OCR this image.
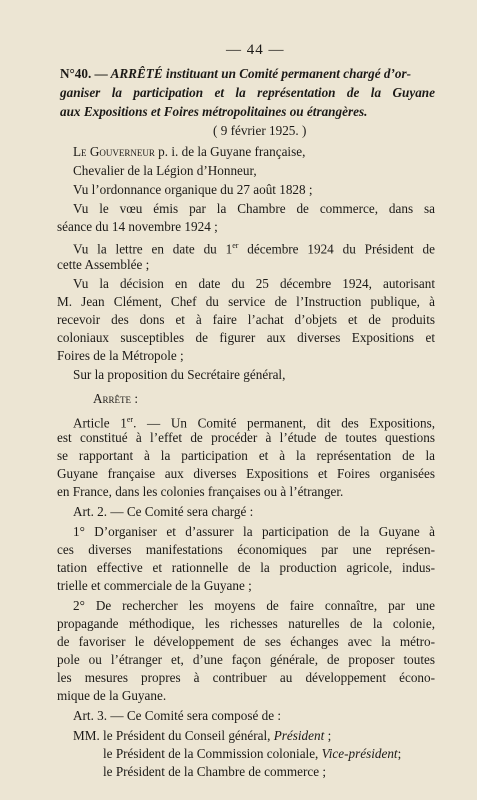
— 44 —
N°40. — ARRÊTÉ instituant un Comité permanent chargé d’or-
ganiser la participation et la représentation de la Guyane
aux Expositions et Foires métropolitaines ou étrangères.
( 9 février 1925. )
Le Gouverneur p. i. de la Guyane française,
Chevalier de la Légion d’Honneur,
Vu l’ordonnance organique du 27 août 1828 ;
Vu le vœu émis par la Chambre de commerce, dans sa
séance du 14 novembre 1924 ;
Vu la lettre en date du 1er décembre 1924 du Président de
cette Assemblée ;
Vu la décision en date du 25 décembre 1924, autorisant
M. Jean Clément, Chef du service de l’Instruction publique, à
recevoir des dons et à faire l’achat d’objets et de produits
coloniaux susceptibles de figurer aux diverses Expositions et
Foires de la Métropole ;
Sur la proposition du Secrétaire général,
Arrête :
Article 1er. — Un Comité permanent, dit des Expositions,
est constitué à l’effet de procéder à l’étude de toutes questions
se rapportant à la participation et à la représentation de la
Guyane française aux diverses Expositions et Foires organisées
en France, dans les colonies françaises ou à l’étranger.
Art. 2. — Ce Comité sera chargé :
1° D’organiser et d’assurer la participation de la Guyane à
ces diverses manifestations économiques par une représen-
tation effective et rationnelle de la production agricole, indus-
trielle et commerciale de la Guyane ;
2° De rechercher les moyens de faire connaître, par une
propagande méthodique, les richesses naturelles de la colonie,
de favoriser le développement de ses échanges avec la métro-
pole ou l’étranger et, d’une façon générale, de proposer toutes
les mesures propres à contribuer au développement écono-
mique de la Guyane.
Art. 3. — Ce Comité sera composé de :
MM. le Président du Conseil général, Président ;
le Président de la Commission coloniale, Vice-président;
le Président de la Chambre de commerce ;
